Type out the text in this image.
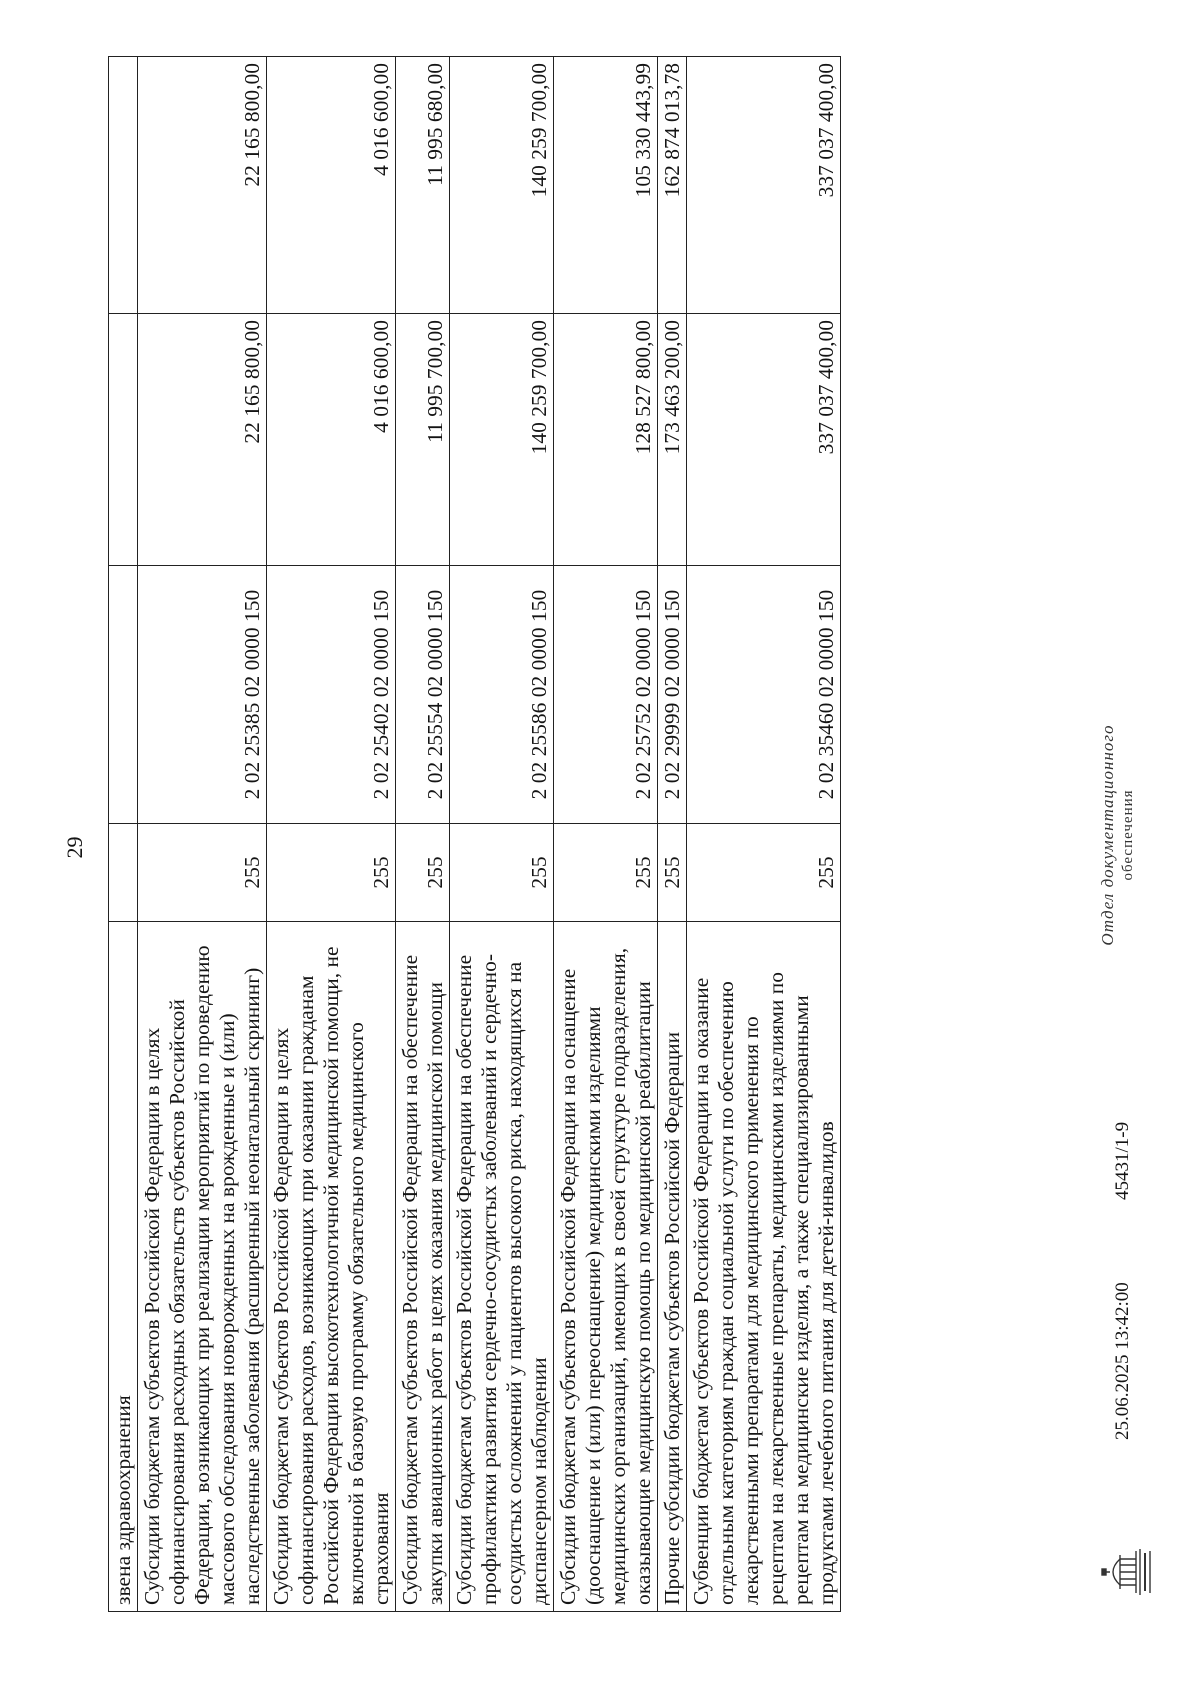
29
звена здравоохранения				
Субсидии бюджетам субъектов Российской Федерации в целях софинансирования расходных обязательств субъектов Российской Федерации, возникающих при реализации мероприятий по проведению массового обследования новорожденных на врожденные и (или) наследственные заболевания (расширенный неонатальный скрининг)	255	2 02 25385 02 0000 150	22 165 800,00	22 165 800,00
Субсидии бюджетам субъектов Российской Федерации в целях софинансирования расходов, возникающих при оказании гражданам Российской Федерации высокотехнологичной медицинской помощи, не включенной в базовую программу обязательного медицинского страхования	255	2 02 25402 02 0000 150	4 016 600,00	4 016 600,00
Субсидии бюджетам субъектов Российской Федерации на обеспечение закупки авиационных работ в целях оказания медицинской помощи	255	2 02 25554 02 0000 150	11 995 700,00	11 995 680,00
Субсидии бюджетам субъектов Российской Федерации на обеспечение профилактики развития сердечно-сосудистых заболеваний и сердечно-сосудистых осложнений у пациентов высокого риска, находящихся на диспансерном наблюдении	255	2 02 25586 02 0000 150	140 259 700,00	140 259 700,00
Субсидии бюджетам субъектов Российской Федерации на оснащение (дооснащение и (или) переоснащение) медицинскими изделиями медицинских организаций, имеющих в своей структуре подразделения, оказывающие медицинскую помощь по медицинской реабилитации	255	2 02 25752 02 0000 150	128 527 800,00	105 330 443,99
Прочие субсидии бюджетам субъектов Российской Федерации	255	2 02 29999 02 0000 150	173 463 200,00	162 874 013,78
Субвенции бюджетам субъектов Российской Федерации на оказание отдельным категориям граждан социальной услуги по обеспечению лекарственными препаратами для медицинского применения по рецептам на лекарственные препараты, медицинскими изделиями по рецептам на медицинские изделия, а также специализированными продуктами лечебного питания для детей-инвалидов	255	2 02 35460 02 0000 150	337 037 400,00	337 037 400,00
25.06.2025 13:42:00
45431/1-9
Отдел документационного обеспечения
